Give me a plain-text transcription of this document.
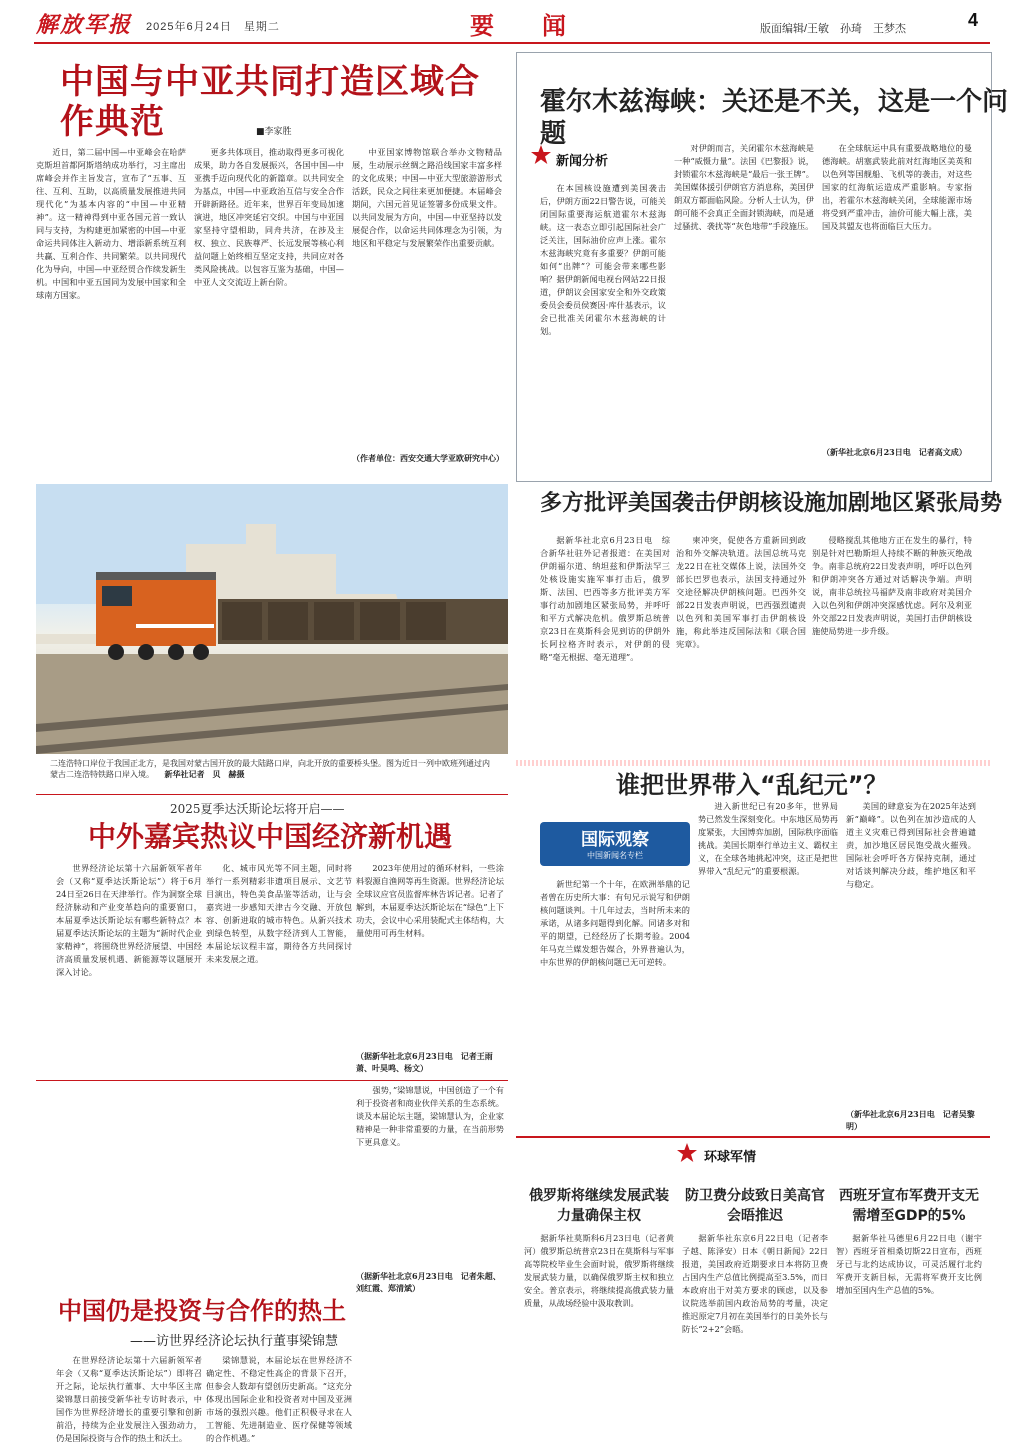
解放军报 2025年6月24日　星期二	要　闻	版面编辑/王敏　孙琦　王梦杰	4
中国与中亚共同打造区域合作典范	■李家胜

近日，第二届中国—中亚峰会在哈萨克斯坦首都阿斯塔纳成功举行，习主席出席峰会并作主旨发言，宣布了“五事、互往、互利、互助，以高质量发展推进共同现代化”为基本内容的“中国—中亚精神”。这一精神得到中亚各国元首一致认同与支持，为构建更加紧密的中国—中亚命运共同体注入新动力、增添新系统互利共赢、互利合作、共同繁荣。以共同现代化为导向，中国—中亚经贸合作续发新生机。中国和中亚五国同为发展中国家和全球南方国家。

更多共体项目，推动取得更多可视化成果，助力各自发展振兴，各国中国—中亚携手迈向现代化的新篇章。以共同安全为基点，中国—中亚政治互信与安全合作开辟新路径。近年来，世界百年变局加速演进，地区冲突延宕交织。中国与中亚国家坚持守望相助，同舟共济，在涉及主权、独立、民族尊严、长远发展等核心利益问题上始终相互坚定支持，共同应对各类风险挑战。以包容互鉴为基础，中国—中亚人文交流迈上新台阶。

中亚国家博物馆联合举办文物精品展，生动展示丝绸之路沿线国家丰富多样的文化成果；中国—中亚大型旅游游形式活跃，民众之间往来更加便捷。本届峰会期间，六国元首见证签署多份成果文件。以共同发展为方向，中国—中亚坚持以发展促合作，以命运共同体理念为引领，为地区和平稳定与发展繁荣作出重要贡献。

（作者单位：西安交通大学亚欧研究中心）
二连浩特口岸位于我国正北方，是我国对蒙古国开放的最大陆路口岸，向北开放的重要桥头堡。图为近日一列中欧班列通过内蒙古二连浩特铁路口岸入境。 新华社记者　贝　赫摄
2025夏季达沃斯论坛将开启——
中外嘉宾热议中国经济新机遇

世界经济论坛第十六届新领军者年会（又称“夏季达沃斯论坛”）将于6月24日至26日在天津举行。作为洞察全球经济脉动和产业变革趋向的重要窗口，本届夏季达沃斯论坛有哪些新特点？本届夏季达沃斯论坛的主题为“新时代企业家精神”，将围绕世界经济展望、中国经济高质量发展机遇、新能源等议题展开深入讨论。

化、城市风光等不同主题，同时将举行一系列精彩非遗项目展示、文艺节目演出，特色美食品鉴等活动，让与会嘉宾进一步感知天津古今交融、开放包容、创新进取的城市特色。从新兴技术到绿色转型，从数字经济到人工智能，本届论坛议程丰富，期待各方共同探讨未来发展之道。

2023年使用过的循环材料，一些涂料裂源自渔网等再生资源。世界经济论坛全球议应官员监督库林告诉记者。记者了解到，本届夏季达沃斯论坛在“绿色”上下功夫，会议中心采用装配式主体结构，大量使用可再生材料。

（据新华社北京6月23日电　记者王雨萧、叶昊鸣、杨文）
中国仍是投资与合作的热土
——访世界经济论坛执行董事梁锦慧

在世界经济论坛第十六届新领军者年会（又称“夏季达沃斯论坛”）即将召开之际，论坛执行董事、大中华区主席梁锦慧日前接受新华社专访时表示，中国作为世界经济增长的重要引擎和创新前沿，持续为企业发展注入强劲动力，仍是国际投资与合作的热土和沃土。

梁锦慧说，本届论坛在世界经济不确定性、不稳定性高企的背景下召开，但参会人数却有望创历史新高。“这充分体现出国际企业和投资者对中国及亚洲市场的强烈兴趣。他们正积极寻求在人工智能、先进制造业、医疗保健等领域的合作机遇。”

强势，”梁锦慧说，中国创造了一个有利于投资者和商业伙伴关系的生态系统。谈及本届论坛主题，梁锦慧认为，企业家精神是一种非常重要的力量，在当前形势下更具意义。

（据新华社北京6月23日电　记者朱超、刘红霞、郑清斌）
霍尔木兹海峡：关还是不关，这是一个问题
新闻分析

在本国核设施遭到美国袭击后，伊朗方面22日警告说，可能关闭国际重要海运航道霍尔木兹海峡。这一表态立即引起国际社会广泛关注，国际油价应声上涨。霍尔木兹海峡究竟有多重要？伊朗可能如何“出牌”？可能会带来哪些影响？据伊朗新闻电视台网站22日报道，伊朗议会国家安全和外交政策委员会委员侯赛因·库什基表示，议会已批准关闭霍尔木兹海峡的计划。

对伊朗而言，关闭霍尔木兹海峡是一种“威慑力量”。法国《巴黎报》说，封锁霍尔木兹海峡是“最后一张王牌”。美国媒体援引伊朗官方消息称，美国伊朗双方都面临风险。分析人士认为，伊朗可能不会真正全面封锁海峡，而是通过骚扰、袭扰等“灰色地带”手段施压。

在全球航运中具有重要战略地位的曼德海峡。胡塞武装此前对红海地区美英和以色列等国舰船、飞机等的袭击，对这些国家的红海航运造成严重影响。专家指出，若霍尔木兹海峡关闭，全球能源市场将受到严重冲击，油价可能大幅上涨，美国及其盟友也将面临巨大压力。

（新华社北京6月23日电　记者高文成）
多方批评美国袭击伊朗核设施加剧地区紧张局势

据新华社北京6月23日电　综合新华社驻外记者报道：在美国对伊朗福尔道、纳坦兹和伊斯法罕三处核设施实施军事打击后，俄罗斯、法国、巴西等多方批评美方军事行动加剧地区紧张局势，并呼吁和平方式解决危机。俄罗斯总统普京23日在莫斯科会见到访的伊朗外长阿拉格齐时表示，对伊朗的侵略“毫无根据、毫无道理”。

柬冲突，促使各方重新回到政治和外交解决轨道。法国总统马克龙22日在社交媒体上说，法国外交部长巴罗也表示，法国支持通过外交途径解决伊朗核问题。巴西外交部22日发表声明说，巴西强烈谴责以色列和美国军事打击伊朗核设施，称此举违反国际法和《联合国宪章》。

侵略搅乱其他地方正在发生的暴行，特别是针对巴勒斯坦人持续不断的种族灭绝战争。南非总统府22日发表声明，呼吁以色列和伊朗冲突各方通过对话解决争端。声明说，南非总统拉马福萨及南非政府对美国介入以色列和伊朗冲突深感忧虑。阿尔及利亚外交部22日发表声明说，美国打击伊朗核设施使局势进一步升级。

谁把世界带入“乱纪元”？
国际观察
中国新闻名专栏

新世纪第一个十年，在欧洲举鼎的记者曾在历史所大事：有句兄示说写和伊朗核问题谈判。十几年过去，当时所未来的承诺，从诸多问题得到化解。同诸多对和平的期望，已经经历了长期考验。2004年马克兰媒发想告媒合，外界普遍认为，中东世界的伊朗核问题已无可逆转。

进入新世纪已有20多年，世界局势已然发生深刻变化。中东地区局势再度紧张，大国博弈加剧，国际秩序面临挑战。美国长期奉行单边主义、霸权主义，在全球各地挑起冲突，这正是把世界带入“乱纪元”的重要根源。

美国的肆意妄为在2025年达到新“巅峰”。以色列在加沙造成的人道主义灾难已得到国际社会普遍谴责，加沙地区居民饱受战火摧残。国际社会呼吁各方保持克制，通过对话谈判解决分歧，维护地区和平与稳定。

（新华社北京6月23日电　记者吴黎明）
环球军情
俄罗斯将继续发展武装力量确保主权

据新华社莫斯科6月23日电（记者黄河）俄罗斯总统普京23日在莫斯科与军事高等院校毕业生会面时说，俄罗斯将继续发展武装力量，以确保俄罗斯主权和独立安全。普京表示，将继续提高俄武装力量质量，从战场经验中汲取教训。

防卫费分歧致日美高官会晤推迟

据新华社东京6月22日电（记者李子越、陈泽安）日本《朝日新闻》22日报道，美国政府近期要求日本将防卫费占国内生产总值比例提高至3.5%，而日本政府出于对美方要求的顾虑，以及参议院选举前国内政治局势的考量，决定推迟原定7月初在美国举行的日美外长与防长“2+2”会晤。

西班牙宣布军费开支无需增至GDP的5%

据新华社马德里6月22日电（谢宇智）西班牙首相桑切斯22日宣布，西班牙已与北约达成协议，可灵活履行北约军费开支新目标，无需将军费开支比例增加至国内生产总值的5%。
